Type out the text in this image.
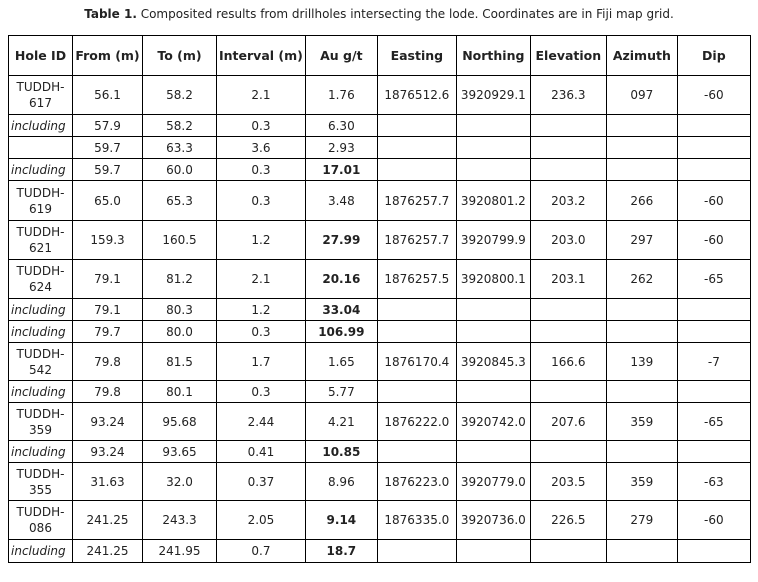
Table 1. Composited results from drillholes intersecting the lode. Coordinates are in Fiji map grid.
Hole ID	From (m)	To (m)	Interval (m)	Au g/t	Easting	Northing	Elevation	Azimuth	Dip
TUDDH-617	56.1	58.2	2.1	1.76	1876512.6	3920929.1	236.3	097	-60
including	57.9	58.2	0.3	6.30					
	59.7	63.3	3.6	2.93					
including	59.7	60.0	0.3	17.01					
TUDDH-619	65.0	65.3	0.3	3.48	1876257.7	3920801.2	203.2	266	-60
TUDDH-621	159.3	160.5	1.2	27.99	1876257.7	3920799.9	203.0	297	-60
TUDDH-624	79.1	81.2	2.1	20.16	1876257.5	3920800.1	203.1	262	-65
including	79.1	80.3	1.2	33.04					
including	79.7	80.0	0.3	106.99					
TUDDH-542	79.8	81.5	1.7	1.65	1876170.4	3920845.3	166.6	139	-7
including	79.8	80.1	0.3	5.77					
TUDDH-359	93.24	95.68	2.44	4.21	1876222.0	3920742.0	207.6	359	-65
including	93.24	93.65	0.41	10.85					
TUDDH-355	31.63	32.0	0.37	8.96	1876223.0	3920779.0	203.5	359	-63
TUDDH-086	241.25	243.3	2.05	9.14	1876335.0	3920736.0	226.5	279	-60
including	241.25	241.95	0.7	18.7					
